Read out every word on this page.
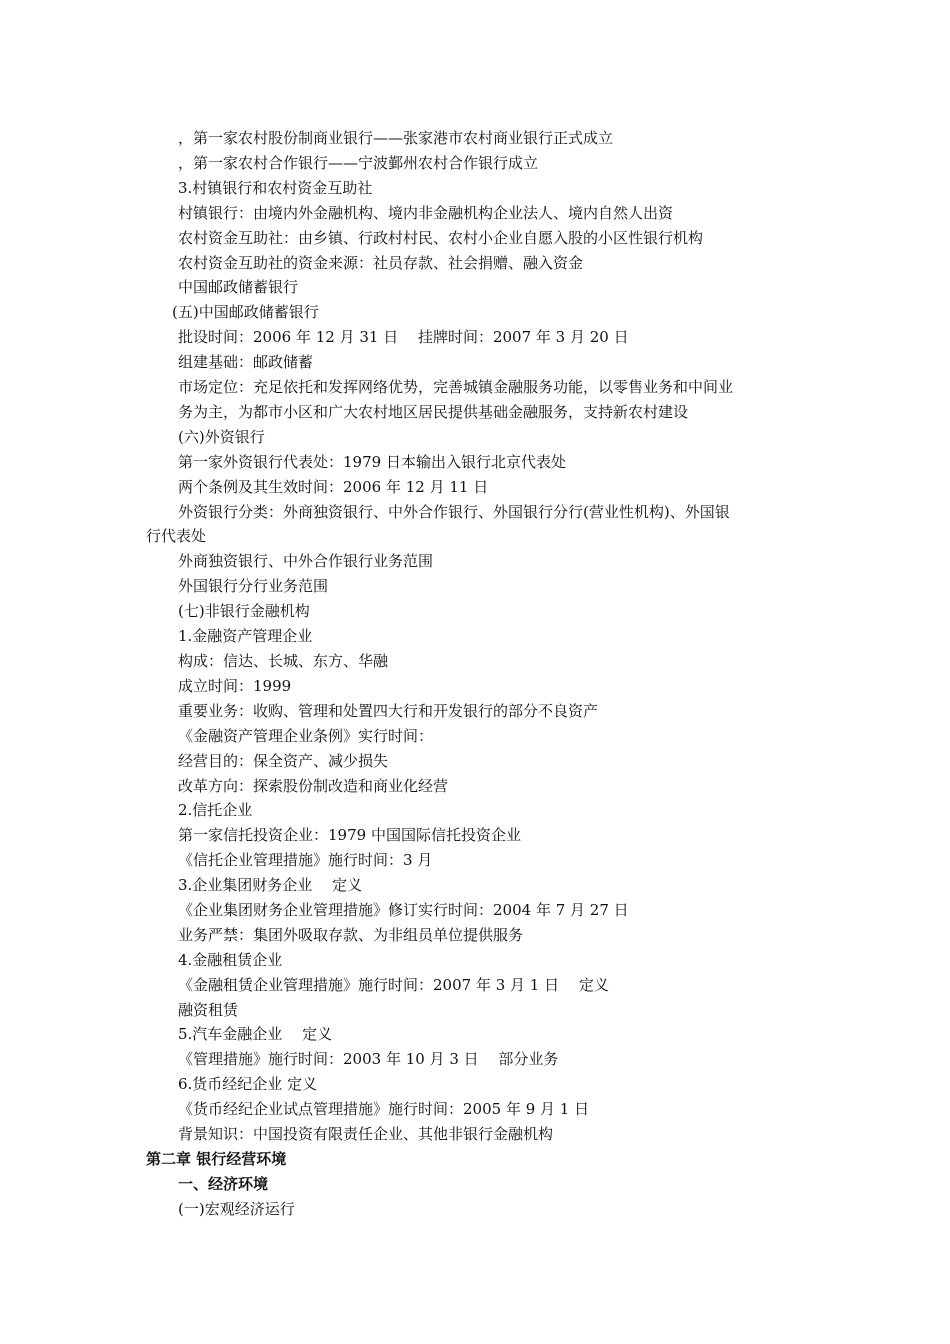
，第一家农村股份制商业银行——张家港市农村商业银行正式成立
，第一家农村合作银行——宁波鄞州农村合作银行成立
3.村镇银行和农村资金互助社
村镇银行：由境内外金融机构、境内非金融机构企业法人、境内自然人出资
农村资金互助社：由乡镇、行政村村民、农村小企业自愿入股的小区性银行机构
农村资金互助社的资金来源：社员存款、社会捐赠、融入资金
中国邮政储蓄银行
(五)中国邮政储蓄银行
批设时间：2006 年 12 月 31 日　 挂牌时间：2007 年 3 月 20 日
组建基础：邮政储蓄
市场定位：充足依托和发挥网络优势，完善城镇金融服务功能，以零售业务和中间业
务为主，为都市小区和广大农村地区居民提供基础金融服务，支持新农村建设
(六)外资银行
第一家外资银行代表处：1979 日本输出入银行北京代表处
两个条例及其生效时间：2006 年 12 月 11 日
外资银行分类：外商独资银行、中外合作银行、外国银行分行(营业性机构)、外国银
行代表处
外商独资银行、中外合作银行业务范围
外国银行分行业务范围
(七)非银行金融机构
1.金融资产管理企业
构成：信达、长城、东方、华融
成立时间：1999
重要业务：收购、管理和处置四大行和开发银行的部分不良资产
《金融资产管理企业条例》实行时间：
经营目的：保全资产、减少损失
改革方向：探索股份制改造和商业化经营
2.信托企业
第一家信托投资企业：1979 中国国际信托投资企业
《信托企业管理措施》施行时间：3 月
3.企业集团财务企业　 定义
《企业集团财务企业管理措施》修订实行时间：2004 年 7 月 27 日
业务严禁：集团外吸取存款、为非组员单位提供服务
4.金融租赁企业
《金融租赁企业管理措施》施行时间：2007 年 3 月 1 日　 定义
融资租赁
5.汽车金融企业　 定义
《管理措施》施行时间：2003 年 10 月 3 日　 部分业务
6.货币经纪企业 定义
《货币经纪企业试点管理措施》施行时间：2005 年 9 月 1 日
背景知识：中国投资有限责任企业、其他非银行金融机构
第二章 银行经营环境
一、经济环境
(一)宏观经济运行
